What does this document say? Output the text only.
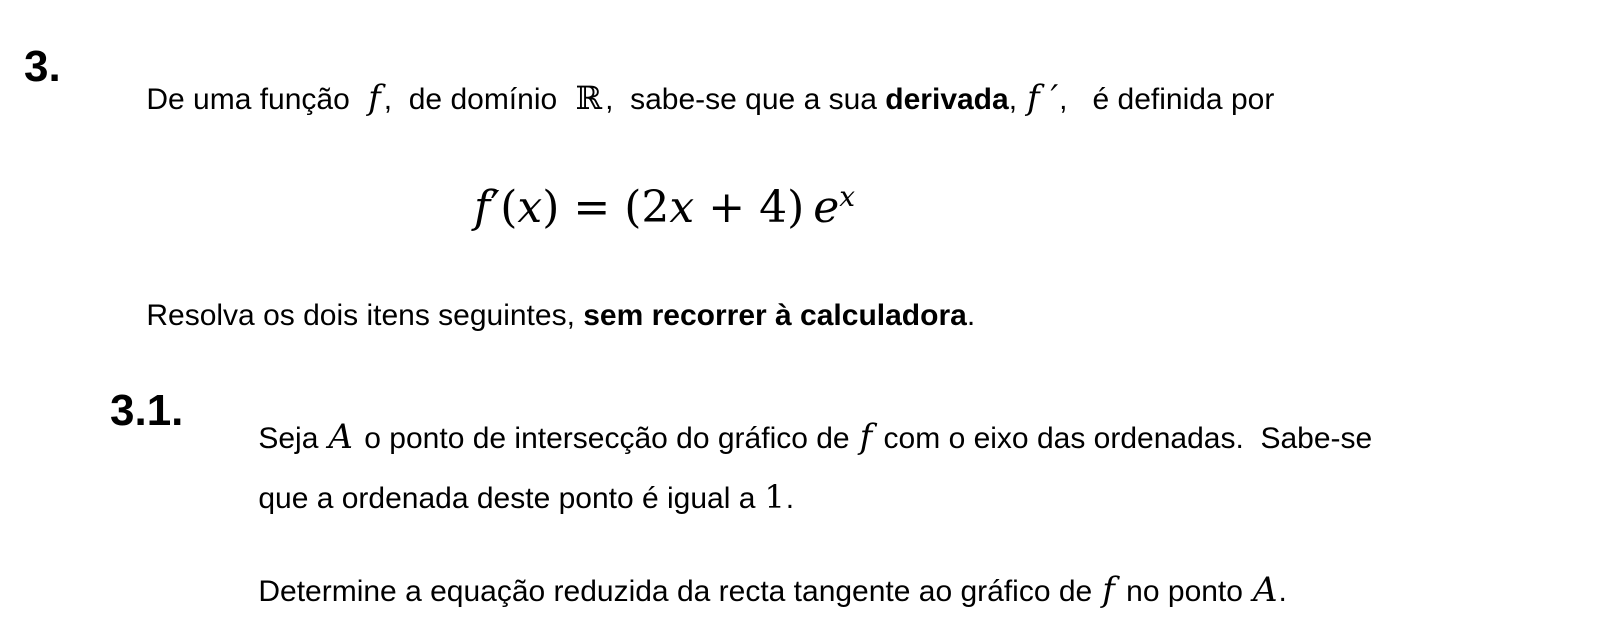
3.

De uma função f ,  de domínio ℝ ,  sabe-se que a sua derivada, f ′,   é definida por

f′(x) = (2x + 4) $e^x$

Resolva os dois itens seguintes, sem recorrer à calculadora.

3.1.

Seja A o ponto de intersecção do gráfico de f com o eixo das ordenadas.  Sabe-se

que a ordenada deste ponto é igual a 1.

Determine a equação reduzida da recta tangente ao gráfico de f no ponto A.
